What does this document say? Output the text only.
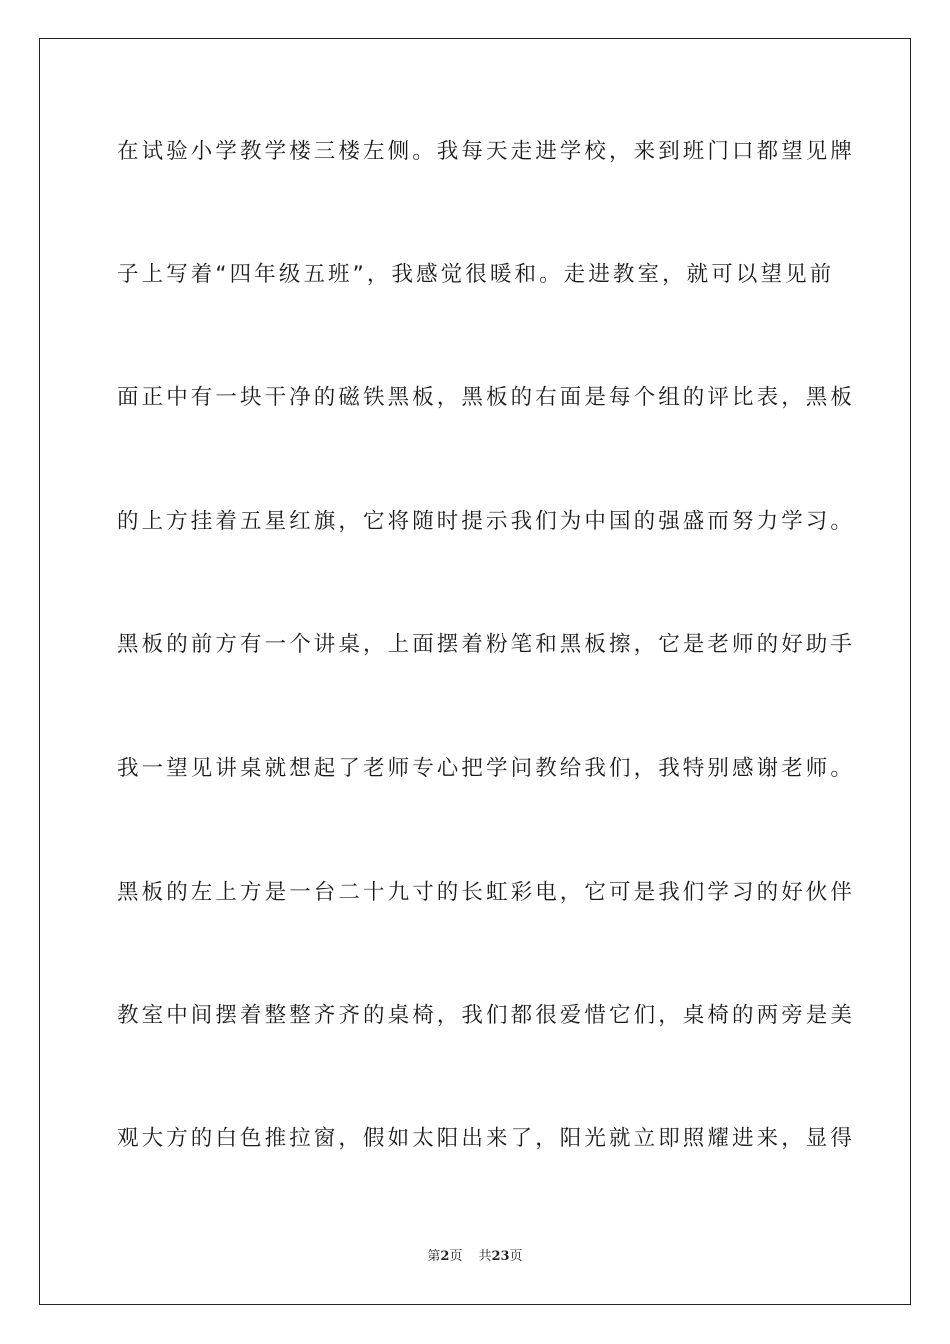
在试验小学教学楼三楼左侧。我每天走进学校，来到班门口都望见牌

子上写着“四年级五班”，我感觉很暖和。走进教室，就可以望见前

面正中有一块干净的磁铁黑板，黑板的右面是每个组的评比表，黑板

的上方挂着五星红旗，它将随时提示我们为中国的强盛而努力学习。

黑板的前方有一个讲桌，上面摆着粉笔和黑板擦，它是老师的好助手

我一望见讲桌就想起了老师专心把学问教给我们，我特别感谢老师。

黑板的左上方是一台二十九寸的长虹彩电，它可是我们学习的好伙伴

教室中间摆着整整齐齐的桌椅，我们都很爱惜它们，桌椅的两旁是美

观大方的白色推拉窗，假如太阳出来了，阳光就立即照耀进来，显得

第2页 共23页
